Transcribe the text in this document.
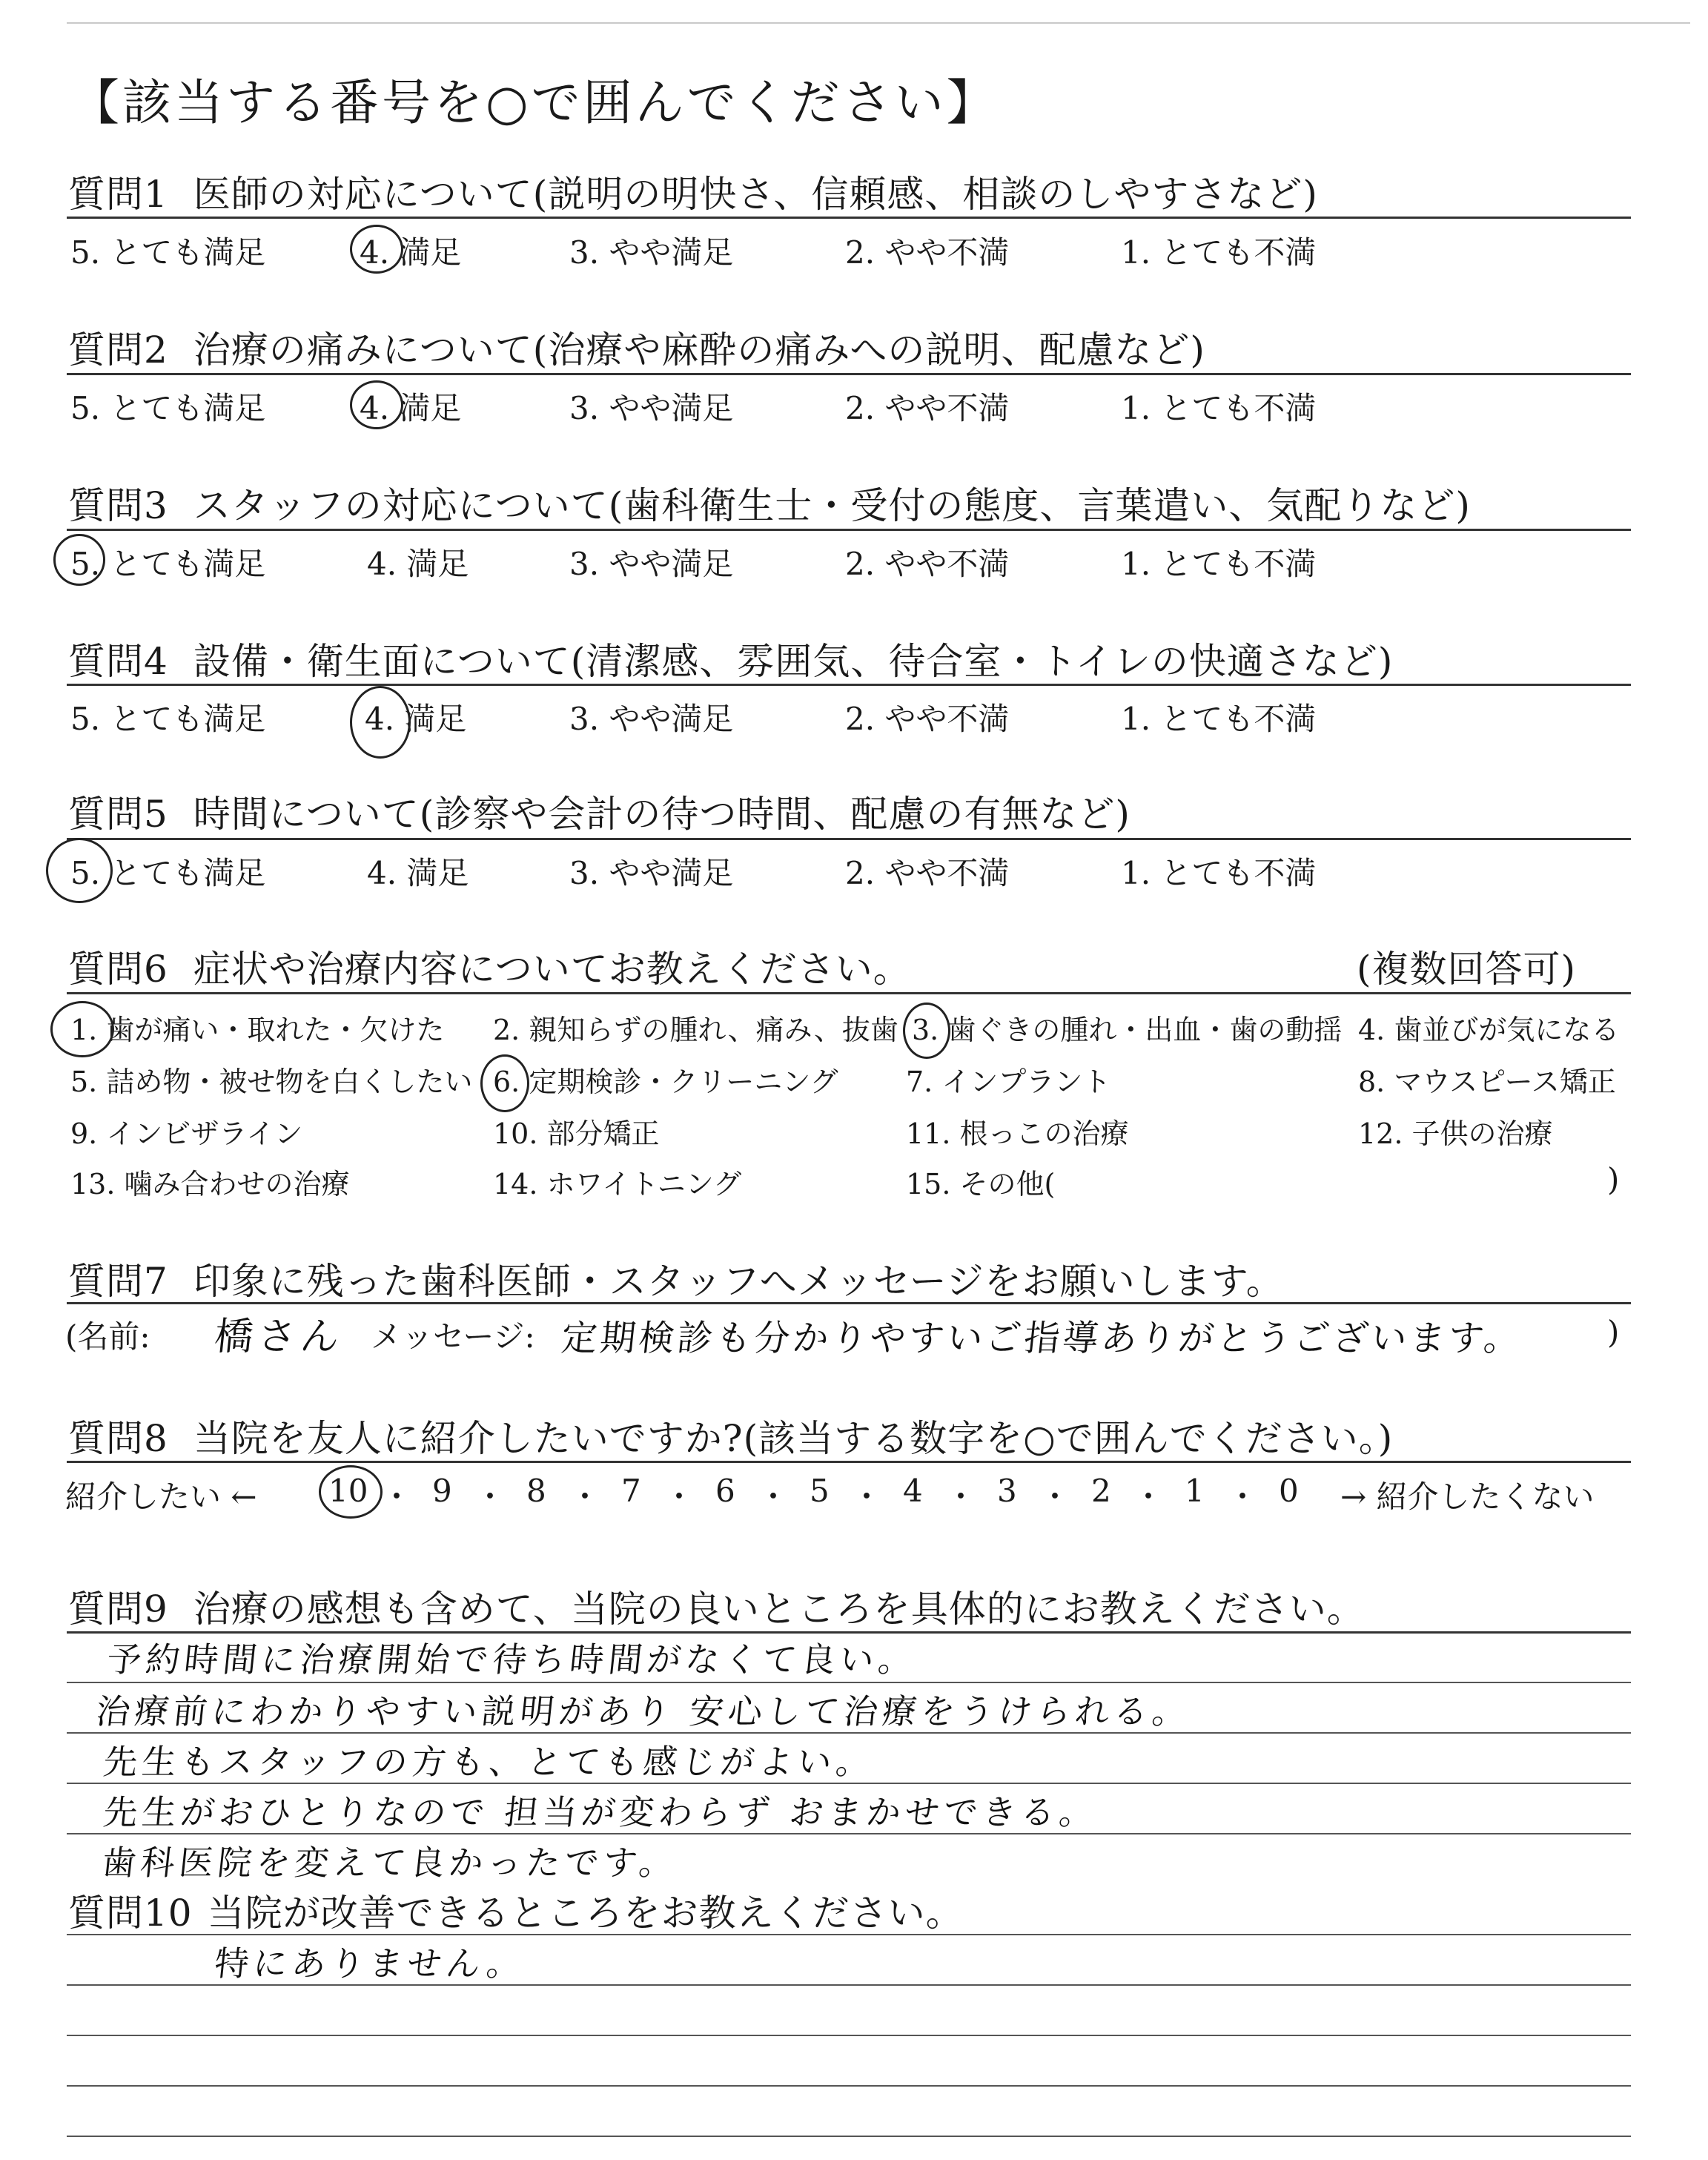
【該当する番号を○で囲んでください】
質問1 医師の対応について(説明の明快さ、信頼感、相談のしやすさなど)
5. とても満足	4. 満足	3. やや満足	2. やや不満	1. とても不満
質問2 治療の痛みについて(治療や麻酔の痛みへの説明、配慮など)
5. とても満足	4. 満足	3. やや満足	2. やや不満	1. とても不満
質問3 スタッフの対応について(歯科衛生士・受付の態度、言葉遣い、気配りなど)
5. とても満足	4. 満足	3. やや満足	2. やや不満	1. とても不満
質問4 設備・衛生面について(清潔感、雰囲気、待合室・トイレの快適さなど)
5. とても満足	4. 満足	3. やや満足	2. やや不満	1. とても不満
質問5 時間について(診察や会計の待つ時間、配慮の有無など)
5. とても満足	4. 満足	3. やや満足	2. やや不満	1. とても不満
質問6 症状や治療内容についてお教えください。	(複数回答可)
1. 歯が痛い・取れた・欠けた 2. 親知らずの腫れ、痛み、抜歯 3. 歯ぐきの腫れ・出血・歯の動揺 4. 歯並びが気になる
5. 詰め物・被せ物を白くしたい 6. 定期検診・クリーニング 7. インプラント	8. マウスピース矯正
9. インビザライン	10. 部分矯正	11. 根っこの治療	12. 子供の治療
13. 噛み合わせの治療	14. ホワイトニング	15. その他(	)
質問7 印象に残った歯科医師・スタッフへメッセージをお願いします。
(名前: 橋さん メッセージ: 定期検診も分かりやすいご指導ありがとうございます。	)
質問8 当院を友人に紹介したいですか?(該当する数字を○で囲んでください。)
紹介したい ←	→ 紹介したくない
10 ・ 9 ・ 8 ・ 7 ・ 6 ・ 5 ・ 4 ・ 3 ・ 2 ・ 1 ・ 0
質問9 治療の感想も含めて、当院の良いところを具体的にお教えください。
予約時間に治療開始で待ち時間がなくて良い。
治療前にわかりやすい説明があり 安心して治療をうけられる。
先生もスタッフの方も、とても感じがよい。
先生がおひとりなので 担当が変わらず おまかせできる。
歯科医院を変えて良かったです。
質問10 当院が改善できるところをお教えください。
特にありません。
